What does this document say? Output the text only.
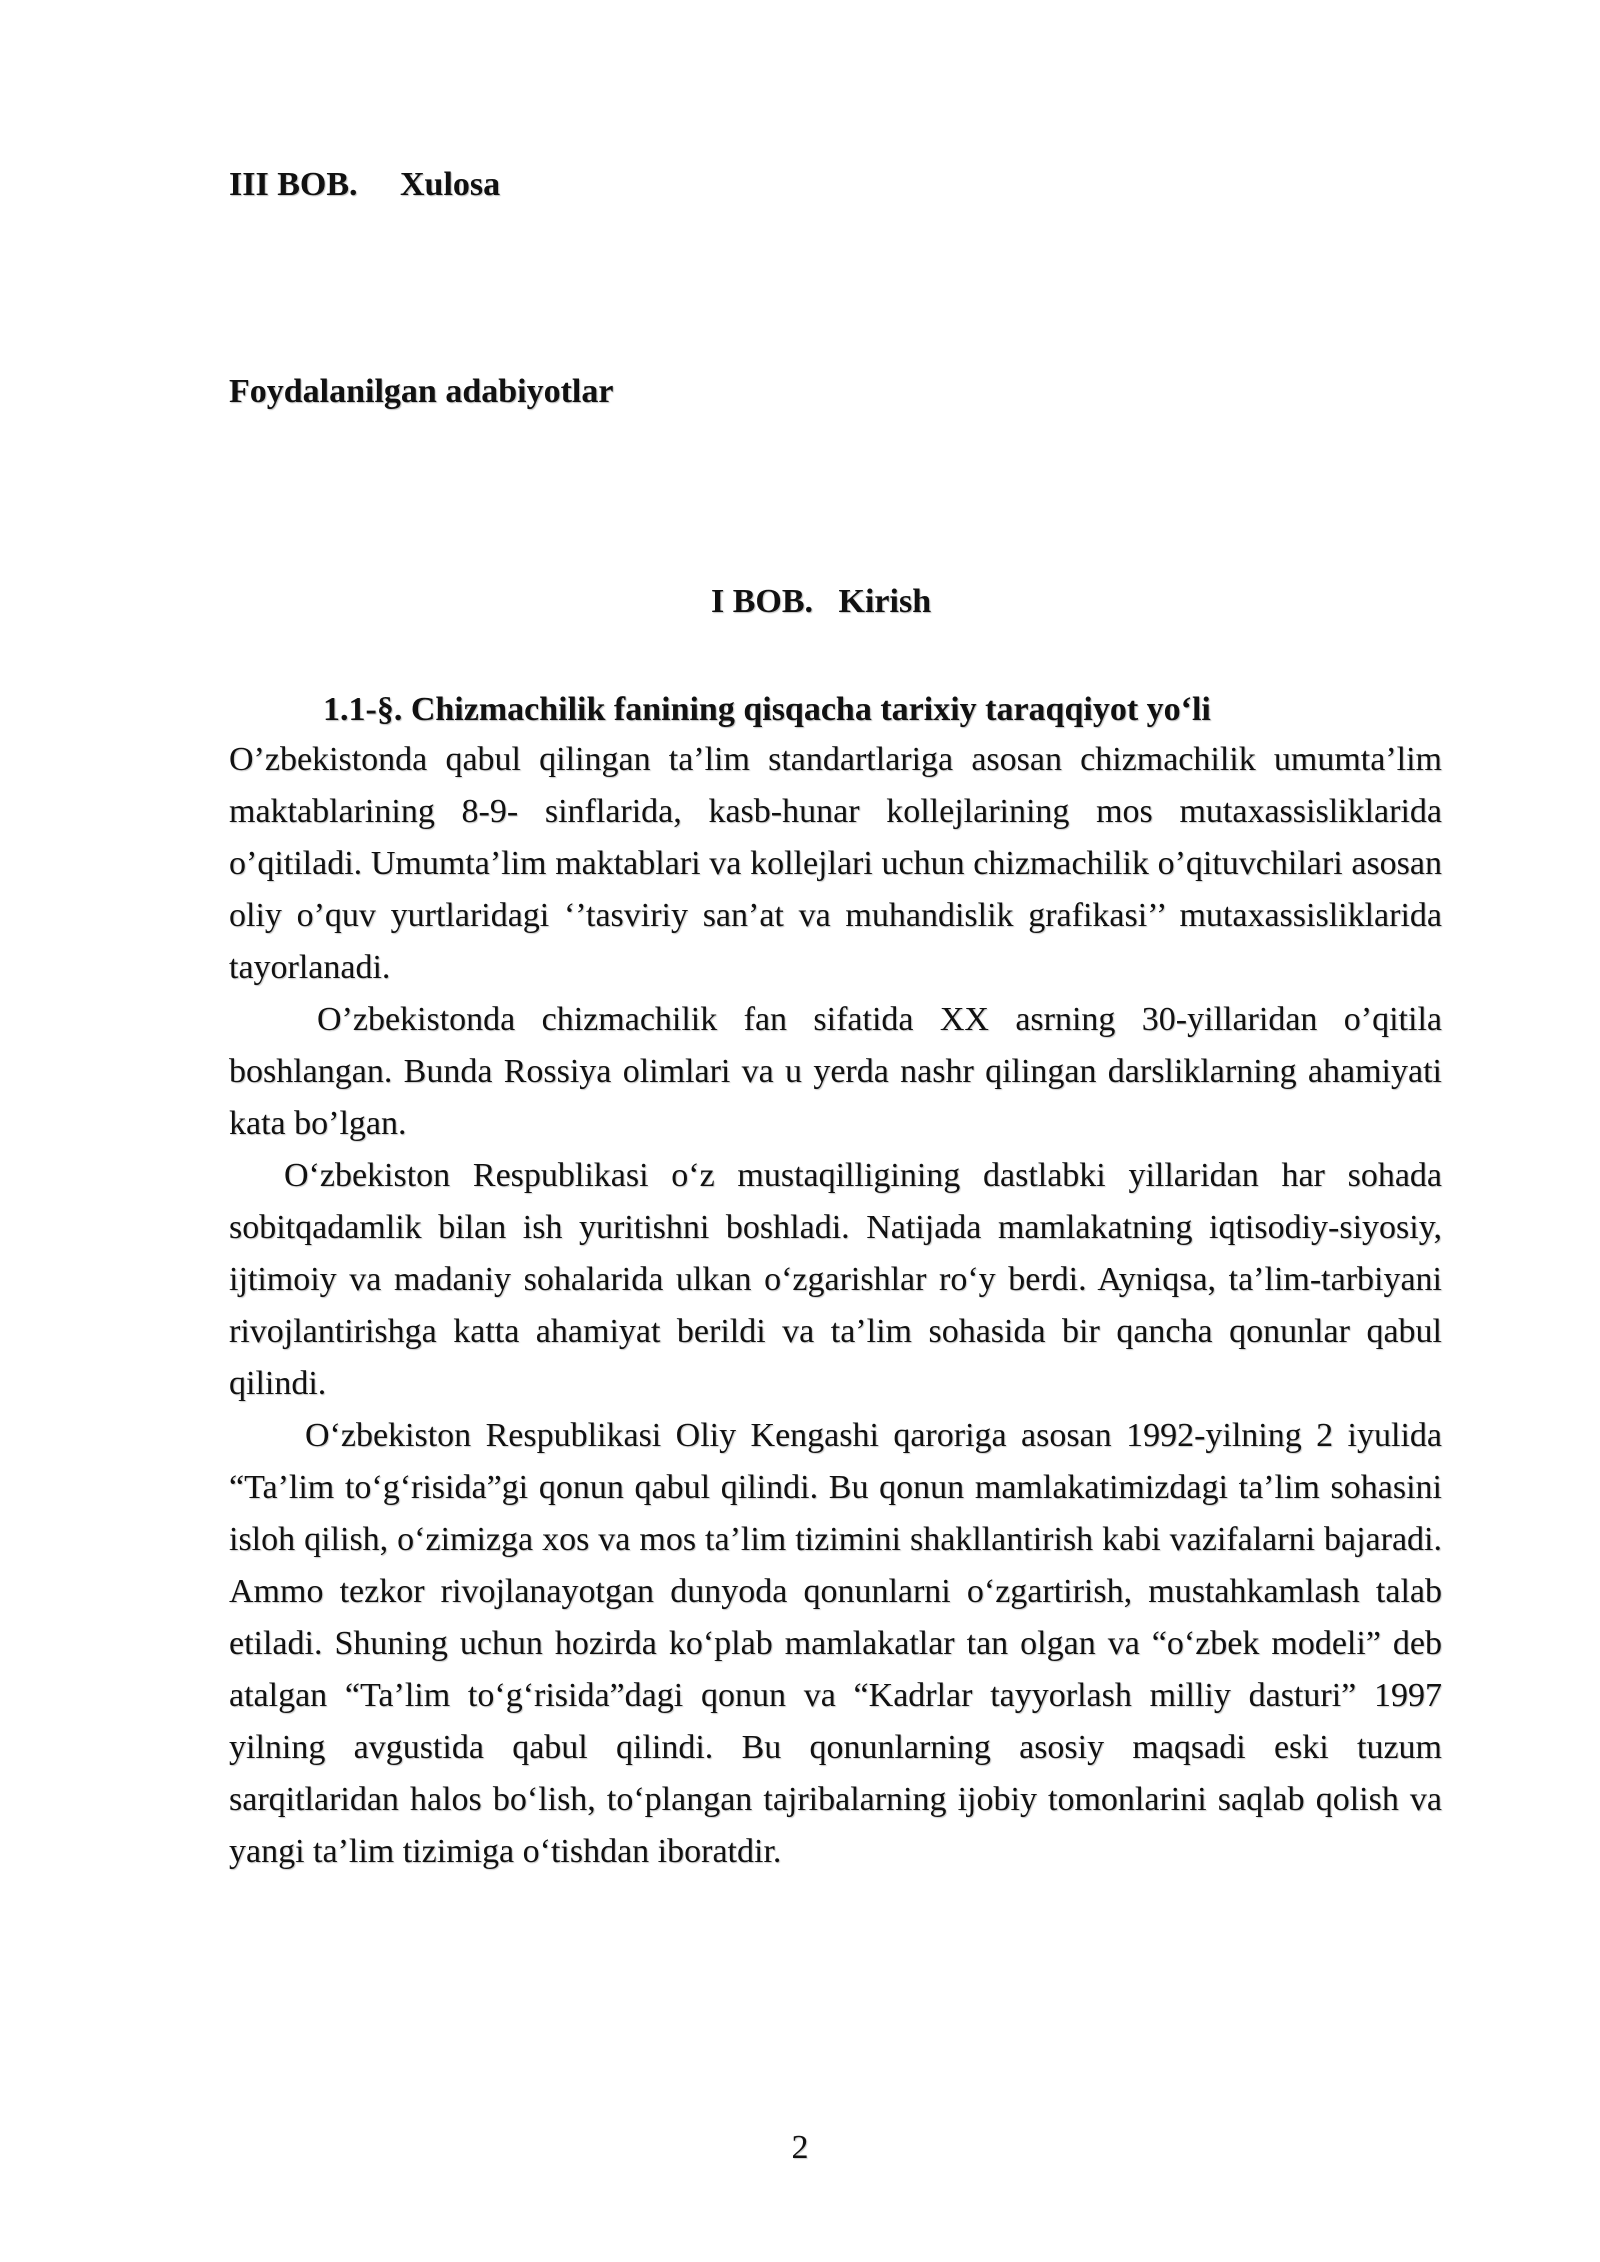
III BOB.     Xulosa
Foydalanilgan adabiyotlar
I BOB.   Kirish
1.1-§. Chizmachilik fanining qisqacha tarixiy taraqqiyot yo‘li

O’zbekistonda qabul qilingan ta’lim standartlariga asosan chizmachilik umumta’lim maktablarining 8-9- sinflarida, kasb-hunar kollejlarining mos mutaxassisliklarida o’qitiladi. Umumta’lim maktablari va kollejlari uchun chizmachilik o’qituvchilari asosan oliy o’quv yurtlaridagi ‘’tasviriy san’at va muhandislik grafikasi’’ mutaxassisliklarida tayorlanadi.

O’zbekistonda chizmachilik fan sifatida XX asrning 30-yillaridan o’qitila boshlangan. Bunda Rossiya olimlari va u yerda nashr qilingan darsliklarning ahamiyati kata bo’lgan.

O‘zbekiston Respublikasi o‘z mustaqilligining dastlabki yillaridan har sohada sobitqadamlik bilan ish yuritishni boshladi. Natijada mamlakatning iqtisodiy-siyosiy, ijtimoiy va madaniy sohalarida ulkan o‘zgarishlar ro‘y berdi. Ayniqsa, ta’lim-tarbiyani rivojlantirishga katta ahamiyat berildi va ta’lim sohasida bir qancha qonunlar qabul qilindi.

O‘zbekiston Respublikasi Oliy Kengashi qaroriga asosan 1992-yilning 2 iyulida “Ta’lim to‘g‘risida”gi qonun qabul qilindi. Bu qonun mamlakatimizdagi ta’lim sohasini isloh qilish, o‘zimizga xos va mos ta’lim tizimini shakllantirish kabi vazifalarni bajaradi. Ammo tezkor rivojlanayotgan dunyoda qonunlarni o‘zgartirish, mustahkamlash talab etiladi. Shuning uchun hozirda ko‘plab mamlakatlar tan olgan va “o‘zbek modeli” deb atalgan “Ta’lim to‘g‘risida”dagi qonun va “Kadrlar tayyorlash milliy dasturi” 1997 yilning avgustida qabul qilindi. Bu qonunlarning asosiy maqsadi eski tuzum sarqitlaridan halos bo‘lish, to‘plangan tajribalarning ijobiy tomonlarini saqlab qolish va yangi ta’lim tizimiga o‘tishdan iboratdir.

2
